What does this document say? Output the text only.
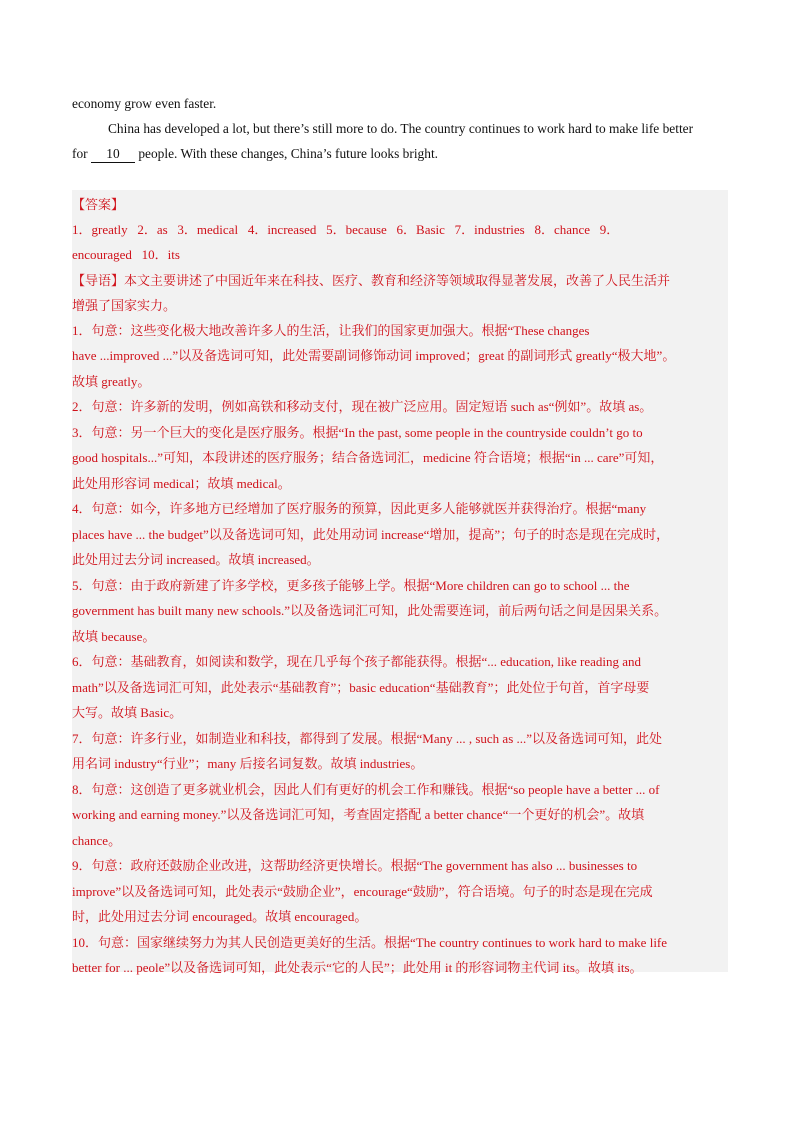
economy grow even faster.
China has developed a lot, but there’s still more to do. The country continues to work hard to make life better
for 10 people. With these changes, China’s future looks bright.
【答案】
1．greatly   2．as   3．medical   4．increased   5．because   6．Basic   7．industries   8．chance   9．
encouraged   10．its
【导语】本文主要讲述了中国近年来在科技、医疗、教育和经济等领域取得显著发展，改善了人民生活并
增强了国家实力。
1．句意：这些变化极大地改善许多人的生活，让我们的国家更加强大。根据“These changes
have ...improved ...”以及备选词可知，此处需要副词修饰动词 improved；great 的副词形式 greatly“极大地”。
故填 greatly。
2．句意：许多新的发明，例如高铁和移动支付，现在被广泛应用。固定短语 such as“例如”。故填 as。
3．句意：另一个巨大的变化是医疗服务。根据“In the past, some people in the countryside couldn’t go to
good hospitals...”可知，本段讲述的医疗服务；结合备选词汇，medicine 符合语境；根据“in ... care”可知，
此处用形容词 medical；故填 medical。
4．句意：如今，许多地方已经增加了医疗服务的预算，因此更多人能够就医并获得治疗。根据“many
places have ... the budget”以及备选词可知，此处用动词 increase“增加，提高”；句子的时态是现在完成时，
此处用过去分词 increased。故填 increased。
5．句意：由于政府新建了许多学校，更多孩子能够上学。根据“More children can go to school ... the
government has built many new schools.”以及备选词汇可知，此处需要连词，前后两句话之间是因果关系。
故填 because。
6．句意：基础教育，如阅读和数学，现在几乎每个孩子都能获得。根据“... education, like reading and
math”以及备选词汇可知，此处表示“基础教育”；basic education“基础教育”；此处位于句首，首字母要
大写。故填 Basic。
7．句意：许多行业，如制造业和科技，都得到了发展。根据“Many ... , such as ...”以及备选词可知，此处
用名词 industry“行业”；many 后接名词复数。故填 industries。
8．句意：这创造了更多就业机会，因此人们有更好的机会工作和赚钱。根据“so people have a better ... of
working and earning money.”以及备选词汇可知，考查固定搭配 a better chance“一个更好的机会”。故填
chance。
9．句意：政府还鼓励企业改进，这帮助经济更快增长。根据“The government has also ... businesses to
improve”以及备选词可知，此处表示“鼓励企业”，encourage“鼓励”，符合语境。句子的时态是现在完成
时，此处用过去分词 encouraged。故填 encouraged。
10．句意：国家继续努力为其人民创造更美好的生活。根据“The country continues to work hard to make life
better for ... peole”以及备选词可知，此处表示“它的人民”；此处用 it 的形容词物主代词 its。故填 its。
